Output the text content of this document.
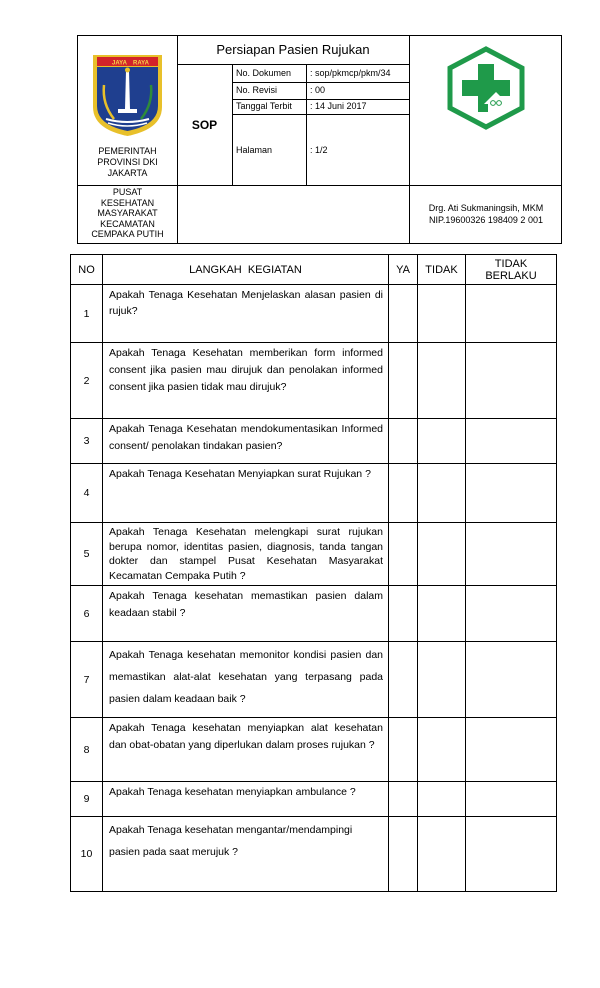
JAYA RAYA
PEMERINTAH
PROVINSI DKI
JAKARTA
Persiapan Pasien Rujukan
SOP
No. Dokumen : sop/pkmcp/pkm/34
No. Revisi	: 00
Tanggal Terbit : 14 Juni 2017
Halaman	: 1/2
PUSAT
KESEHATAN
MASYARAKAT
KECAMATAN
CEMPAKA PUTIH
Drg. Ati Sukmaningsih, MKM
NIP.19600326 198409 2 001
NO	LANGKAH  KEGIATAN	YA	TIDAK	TIDAK BERLAKU
1	Apakah Tenaga Kesehatan Menjelaskan alasan pasien di rujuk?			
2	Apakah Tenaga Kesehatan memberikan form informed consent jika pasien mau dirujuk dan penolakan informed consent jika pasien tidak mau dirujuk?			
3	Apakah Tenaga Kesehatan mendokumentasikan Informed consent/ penolakan tindakan pasien?			
4	Apakah Tenaga Kesehatan Menyiapkan surat Rujukan ?			
5	Apakah Tenaga Kesehatan melengkapi surat rujukan berupa nomor, identitas pasien, diagnosis, tanda tangan dokter dan stampel Pusat Kesehatan Masyarakat Kecamatan Cempaka Putih ?			
6	Apakah Tenaga kesehatan memastikan pasien dalam keadaan stabil ?			
7	Apakah Tenaga kesehatan memonitor kondisi pasien dan memastikan alat-alat kesehatan yang terpasang pada pasien dalam keadaan baik ?			
8	Apakah Tenaga kesehatan menyiapkan alat kesehatan dan obat-obatan yang diperlukan dalam proses rujukan ?			
9	Apakah Tenaga kesehatan menyiapkan ambulance ?			
10	Apakah Tenaga kesehatan mengantar/mendampingi pasien pada saat merujuk ?			
